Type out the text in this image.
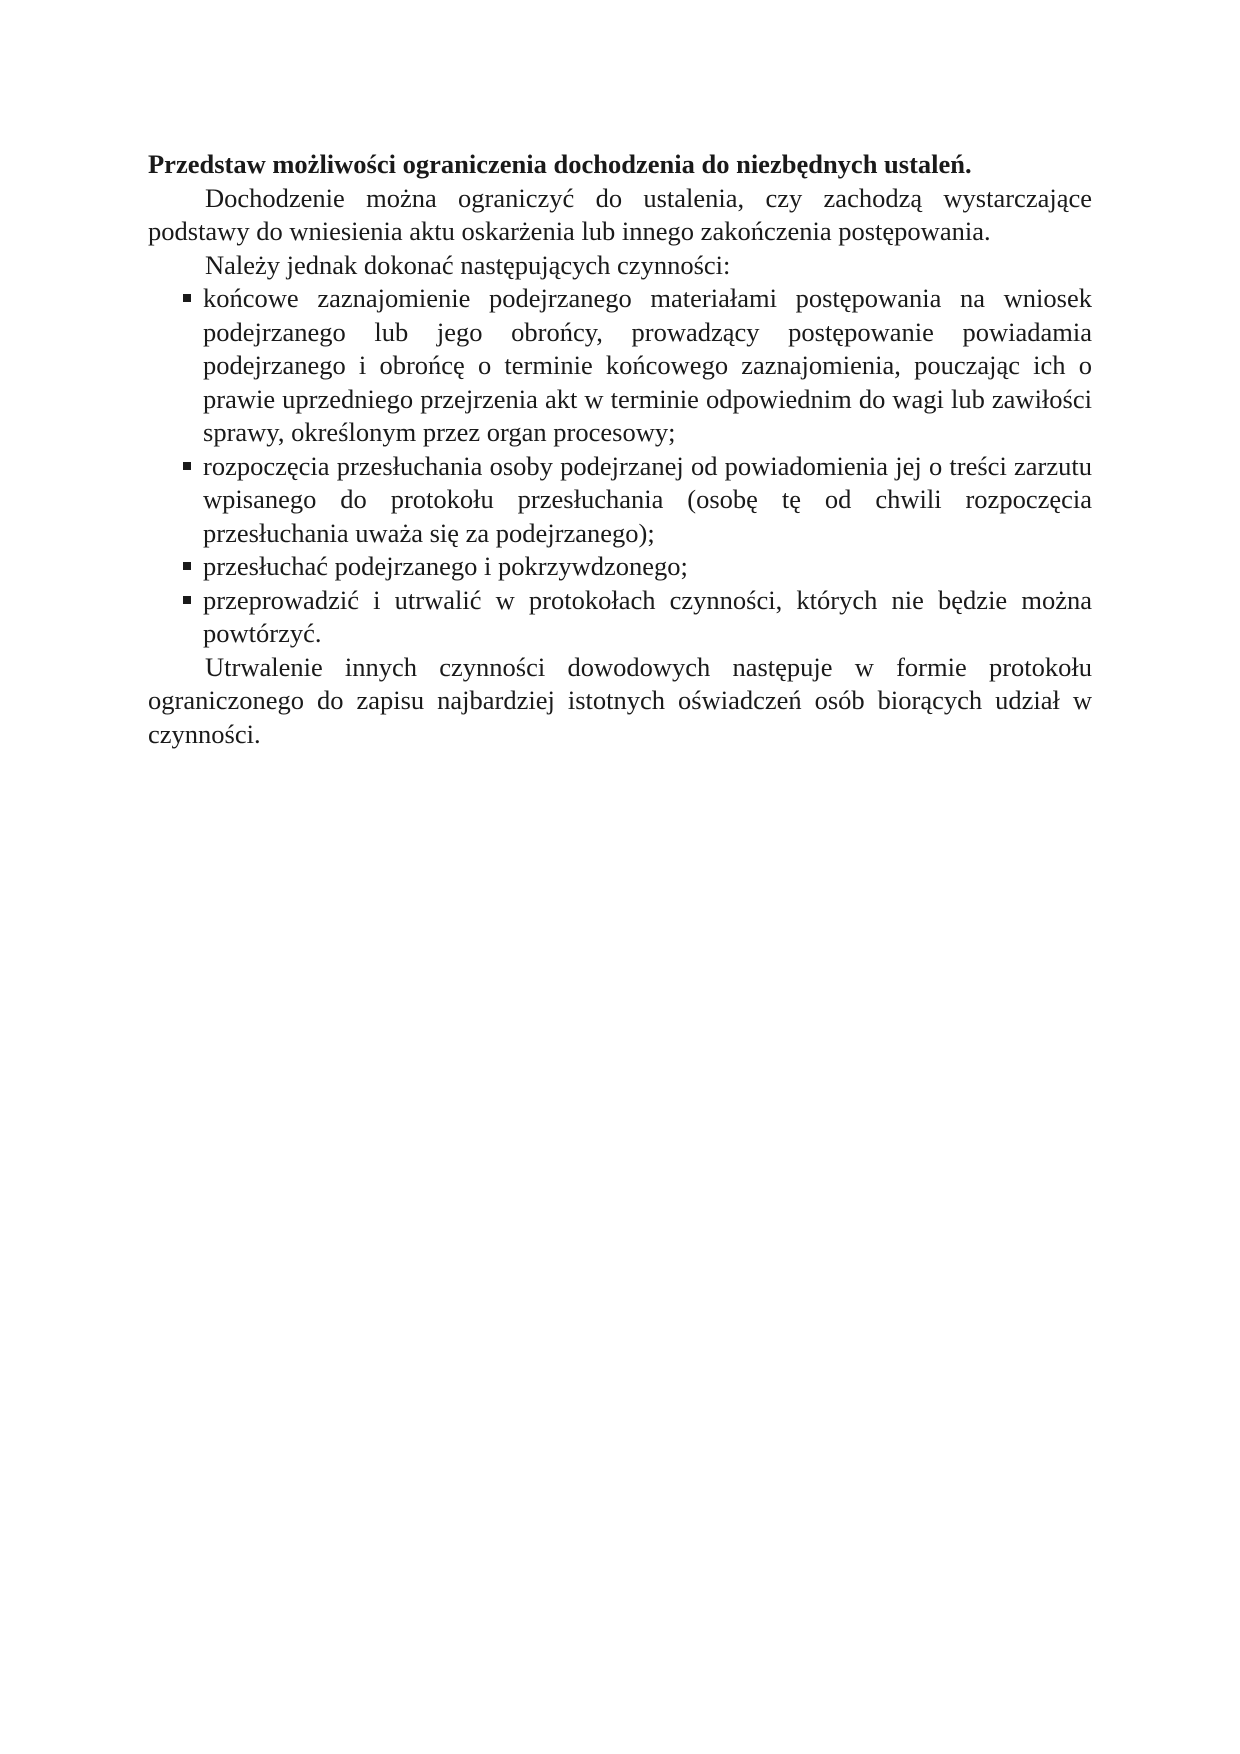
Przedstaw możliwości ograniczenia dochodzenia do niezbędnych ustaleń.

Dochodzenie można ograniczyć do ustalenia, czy zachodzą wystarczające podstawy do wniesienia aktu oskarżenia lub innego zakończenia postępowania.

Należy jednak dokonać następujących czynności:

końcowe zaznajomienie podejrzanego materiałami postępowania na wniosek podejrzanego lub jego obrońcy, prowadzący postępowanie powiadamia podejrzanego i obrońcę o terminie końcowego zaznajomienia, pouczając ich o prawie uprzedniego przejrzenia akt w terminie odpowiednim do wagi lub zawiłości sprawy, określonym przez organ procesowy;
rozpoczęcia przesłuchania osoby podejrzanej od powiadomienia jej o treści zarzutu wpisanego do protokołu przesłuchania (osobę tę od chwili rozpoczęcia przesłuchania uważa się za podejrzanego);
przesłuchać podejrzanego i pokrzywdzonego;
przeprowadzić i utrwalić w protokołach czynności, których nie będzie można powtórzyć.

Utrwalenie innych czynności dowodowych następuje w formie protokołu ograniczonego do zapisu najbardziej istotnych oświadczeń osób biorących udział w czynności.
